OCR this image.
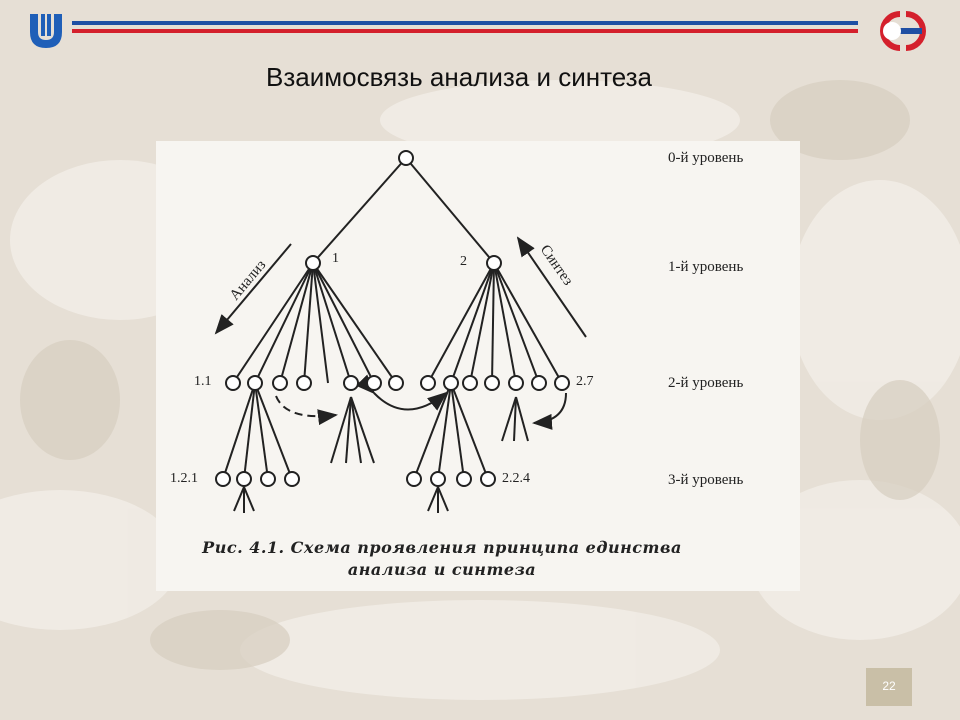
Взаимосвязь анализа и синтеза
Анализ	Синтез
0-й уровень
1-й уровень
2-й уровень
3-й уровень
1	2
1.1	2.7
1.2.1	2.2.4
Рис. 4.1. Схема проявления принципа единства
анализа и синтеза
22
